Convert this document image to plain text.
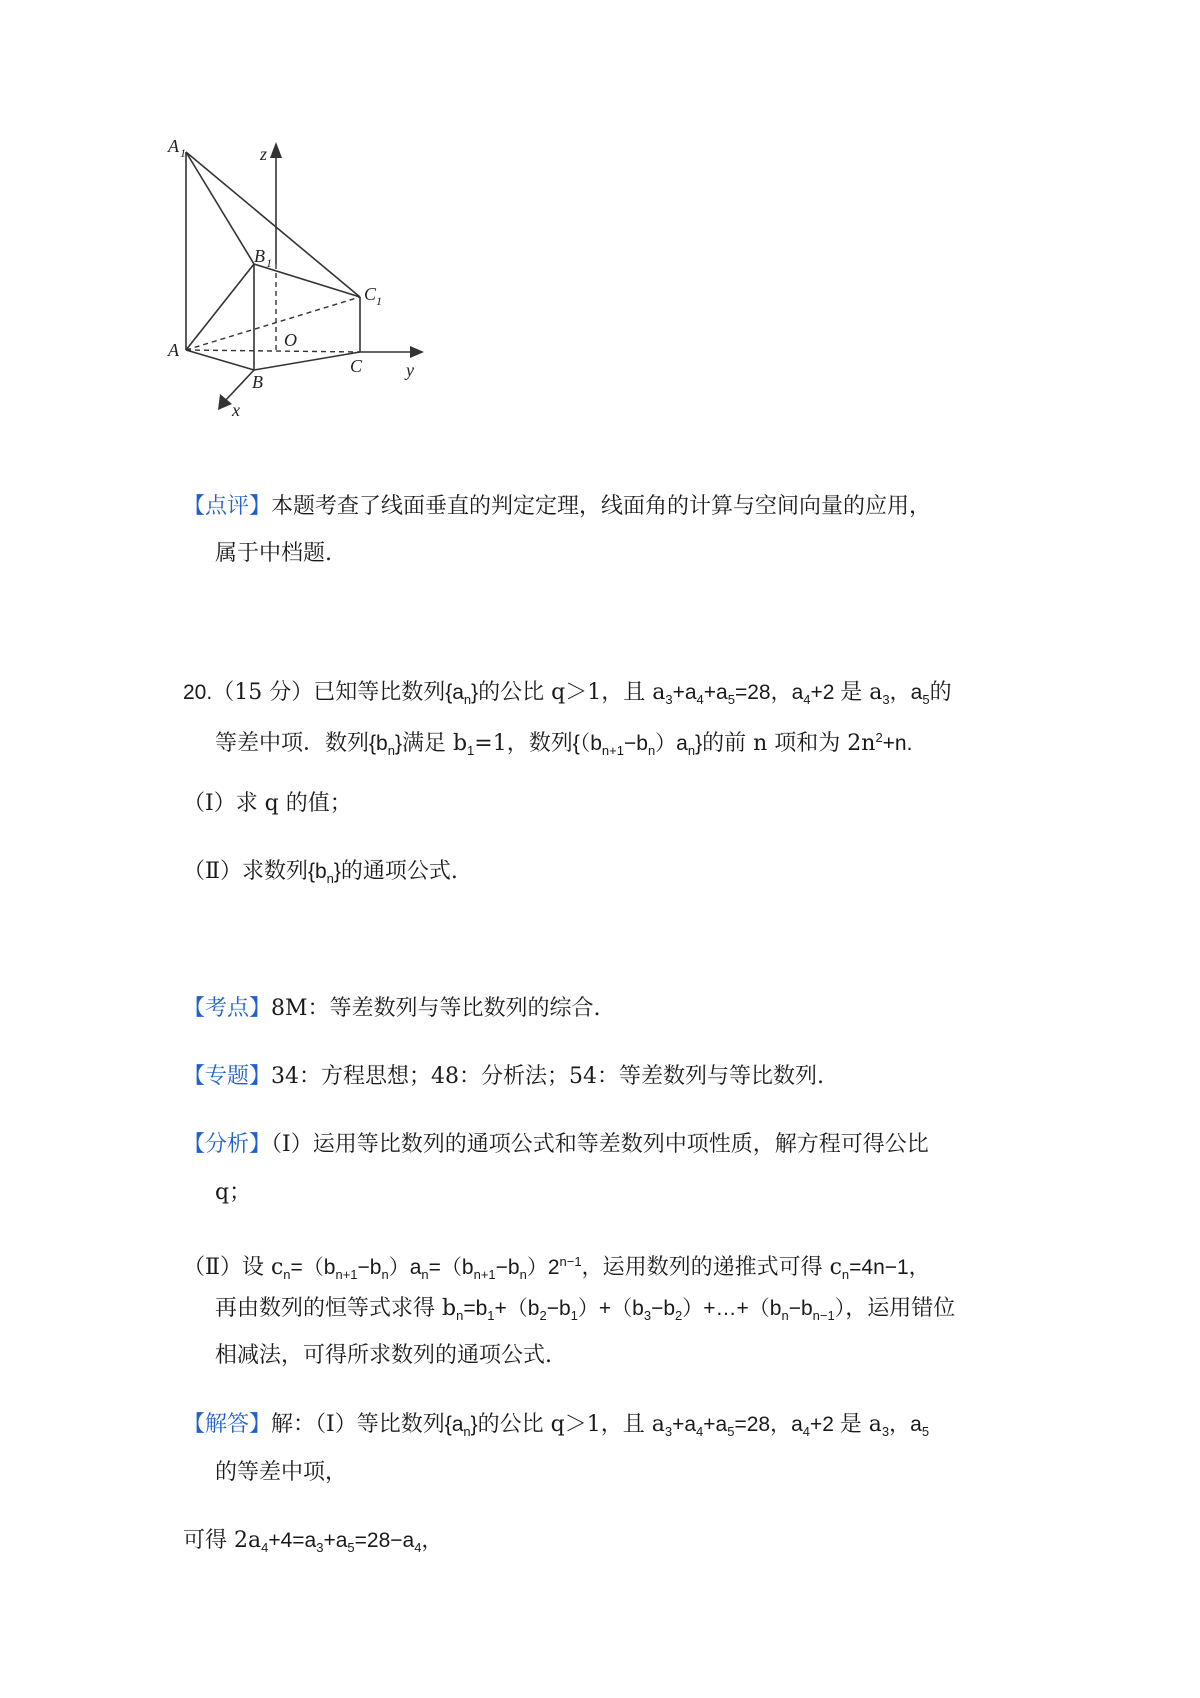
A 1
B 1
C 1
A
B
C
O
x
y
z
【点评】本题考查了线面垂直的判定定理，线面角的计算与空间向量的应用，
属于中档题.
20.（15 分）已知等比数列$\{a_n\}$的公比 q＞1，且 $a_3+a_4+a_5=28$，$a_4+2$ 是 $a_3$，$a_5$的
等差中项．数列$\{b_n\}$满足 $b_1=1$，数列$\{(b_{n+1}-b_n)a_n\}$的前 n 项和为 $2n^2+n$.
（Ⅰ）求 q 的值；
（Ⅱ）求数列$\{b_n\}$的通项公式.
【考点】8M：等差数列与等比数列的综合.
【专题】34：方程思想；48：分析法；54：等差数列与等比数列.
【分析】（Ⅰ）运用等比数列的通项公式和等差数列中项性质，解方程可得公比
q；
（Ⅱ）设 $c_n=(b_{n+1}-b_n)a_n=(b_{n+1}-b_n)2^{n-1}$，运用数列的递推式可得 $c_n=4n-1$，
再由数列的恒等式求得 $b_n=b_1+(b_2-b_1)+(b_3-b_2)+\dots+(b_n-b_{n-1})$，运用错位
相减法，可得所求数列的通项公式.
【解答】解：（Ⅰ）等比数列$\{a_n\}$的公比 q＞1，且 $a_3+a_4+a_5=28$，$a_4+2$ 是 $a_3$，$a_5$
的等差中项，
可得 $2a_4+4=a_3+a_5=28-a_4$，
